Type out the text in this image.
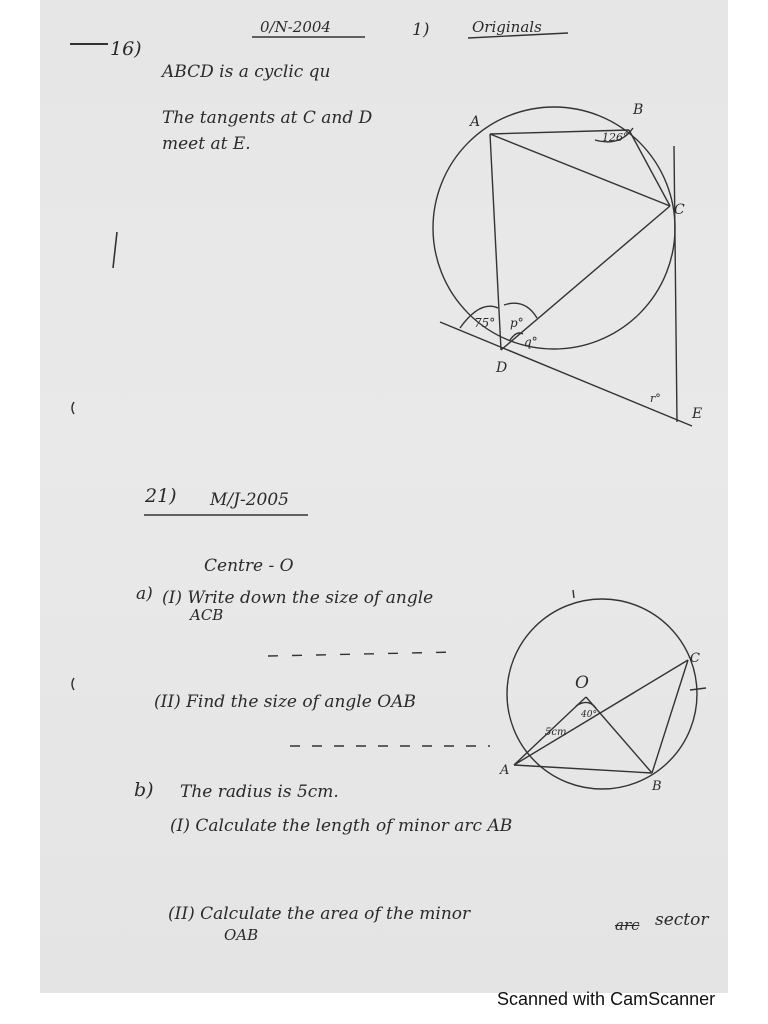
0/N-2004	1)	Originals
16)
ABCD is a cyclic qu
The tangents at C and D
meet at E.
21) M/J-2005
Centre - O
a) (I) Write down the size of angle
ACB
(II) Find the size of angle OAB
b) The radius is 5cm.
(I) Calculate the length of minor arc AB
(II) Calculate the area of the minor
arc sector
OAB
A
B
C
D
E
126°
75° p°
q°
r°
O
A
B
C
5cm
40°
Scanned with CamScanner
